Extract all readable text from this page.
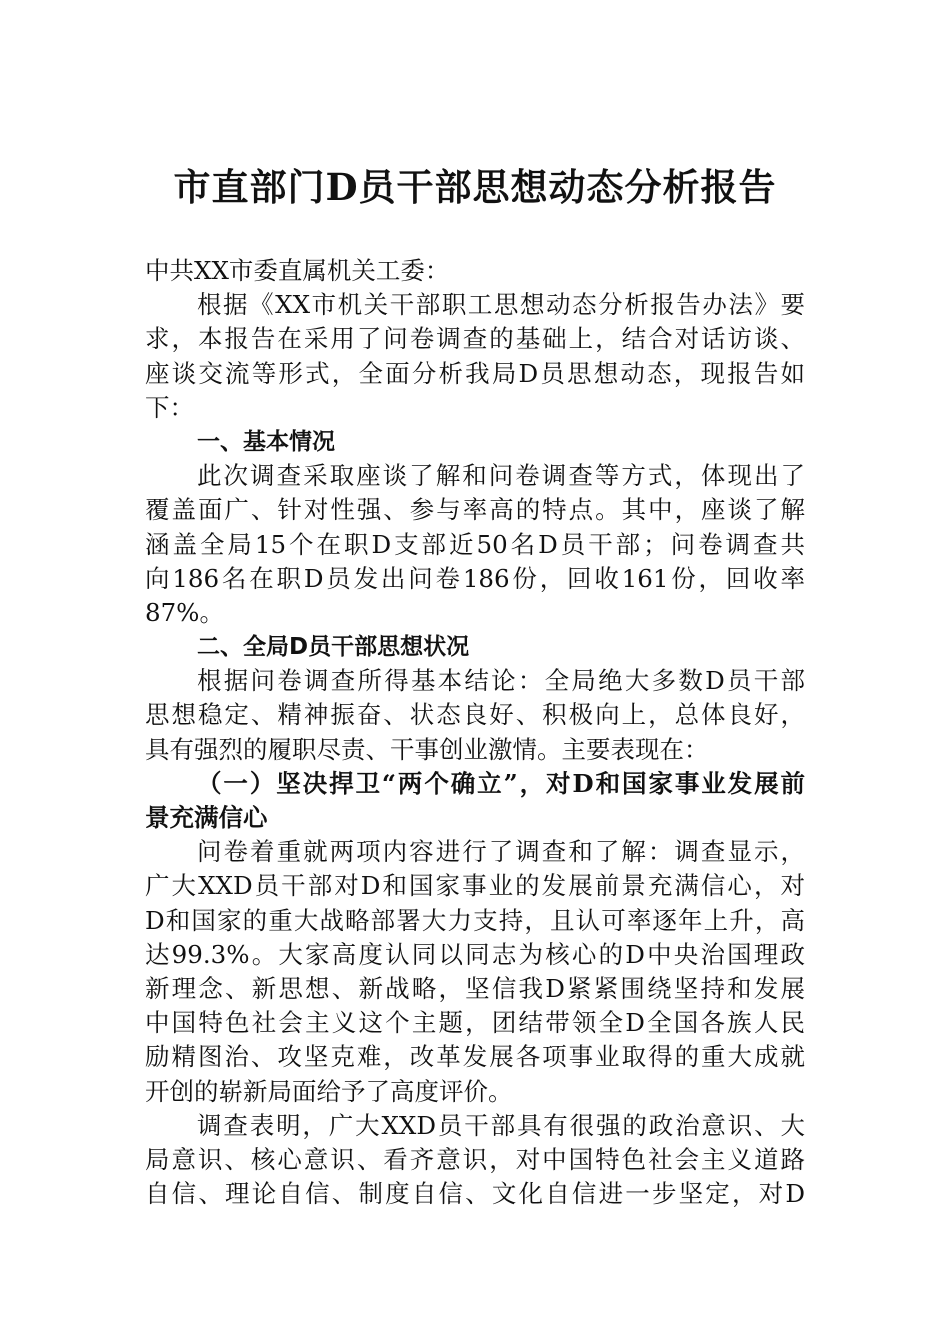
市直部门D员干部思想动态分析报告
中共XX市委直属机关工委：
根据《XX市机关干部职工思想动态分析报告办法》要
求，本报告在采用了问卷调查的基础上，结合对话访谈、
座谈交流等形式，全面分析我局D员思想动态，现报告如
下：
一、基本情况
此次调查采取座谈了解和问卷调查等方式，体现出了
覆盖面广、针对性强、参与率高的特点。其中，座谈了解
涵盖全局15个在职D支部近50名D员干部；问卷调查共
向186名在职D员发出问卷186份，回收161份，回收率
87%。
二、全局D员干部思想状况
根据问卷调查所得基本结论：全局绝大多数D员干部
思想稳定、精神振奋、状态良好、积极向上，总体良好，
具有强烈的履职尽责、干事创业激情。主要表现在：
（一）坚决捍卫“两个确立”，对D和国家事业发展前
景充满信心
问卷着重就两项内容进行了调查和了解：调查显示，
广大XXD员干部对D和国家事业的发展前景充满信心，对
D和国家的重大战略部署大力支持，且认可率逐年上升，高
达99.3%。大家高度认同以同志为核心的D中央治国理政
新理念、新思想、新战略，坚信我D紧紧围绕坚持和发展
中国特色社会主义这个主题，团结带领全D全国各族人民
励精图治、攻坚克难，改革发展各项事业取得的重大成就
开创的崭新局面给予了高度评价。
调查表明，广大XXD员干部具有很强的政治意识、大
局意识、核心意识、看齐意识，对中国特色社会主义道路
自信、理论自信、制度自信、文化自信进一步坚定，对D
